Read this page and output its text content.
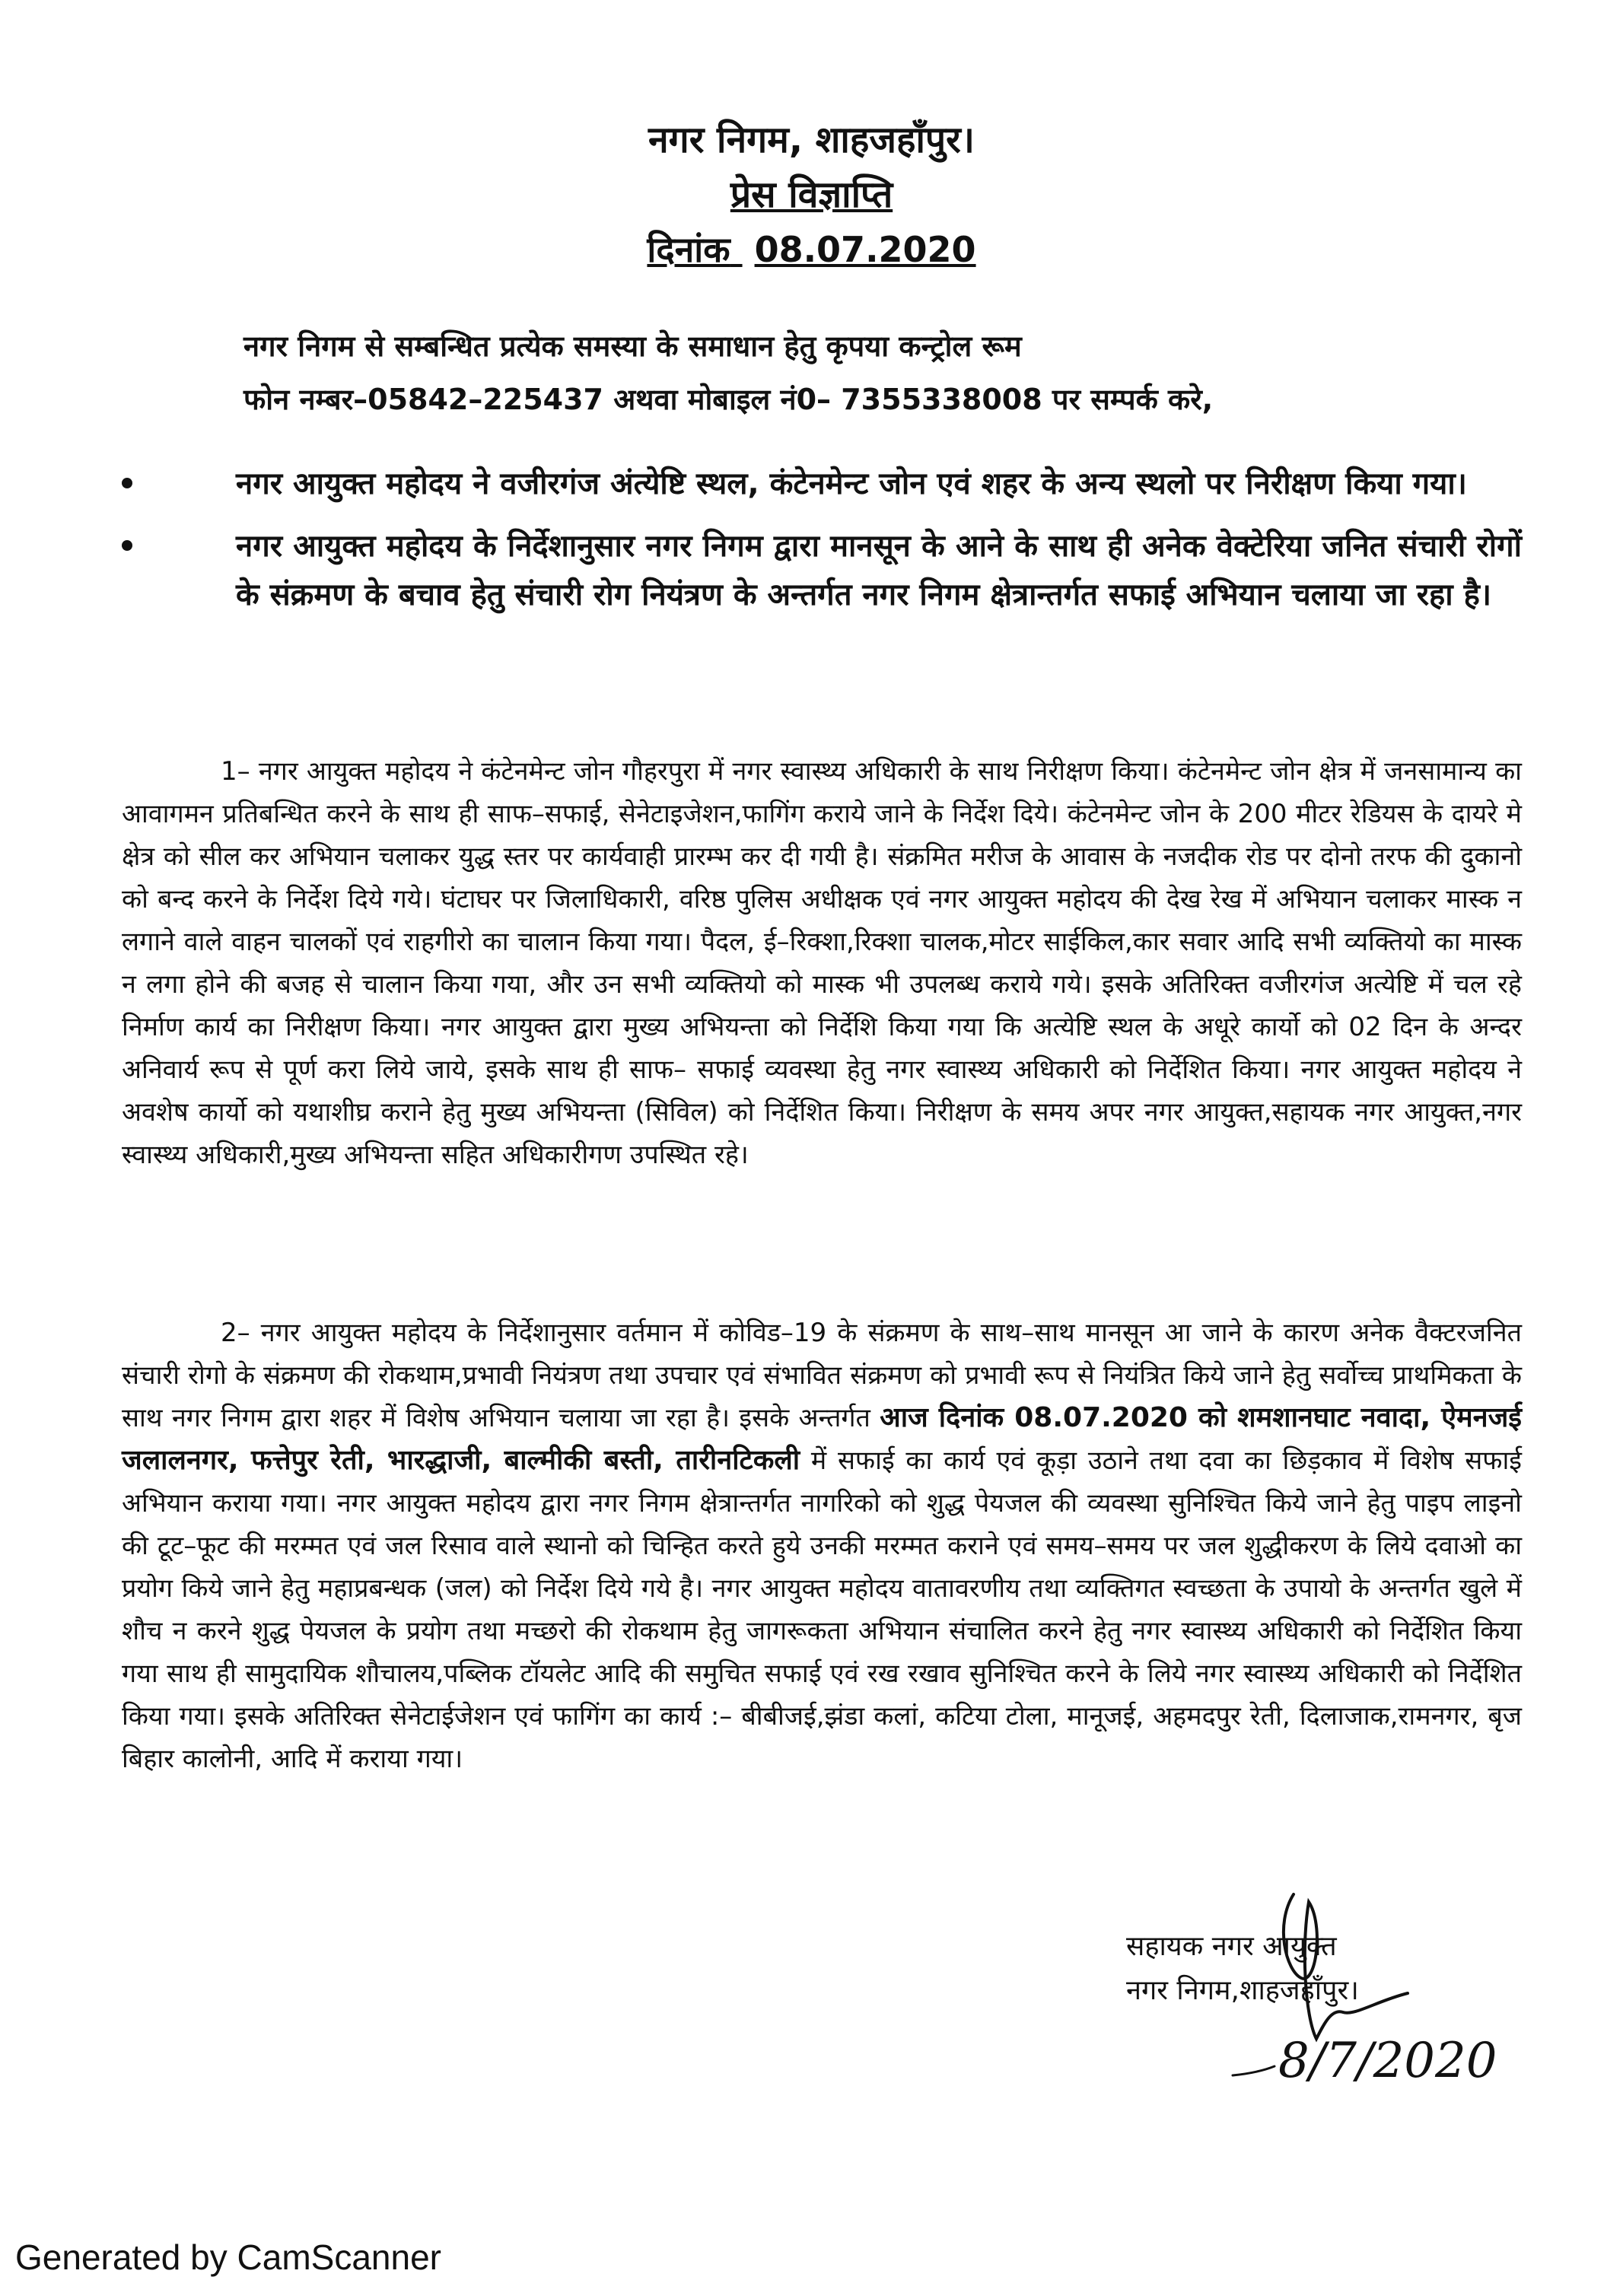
नगर निगम, शाहजहाँपुर।
प्रेस विज्ञाप्ति
दिनांक 08.07.2020

नगर निगम से सम्बन्धित प्रत्येक समस्या के समाधान हेतु कृपया कन्ट्रोल रूम

फोन नम्बर–05842–225437 अथवा मोबाइल नं0– 7355338008 पर सम्पर्क करे,

नगर आयुक्त महोदय ने वजीरगंज अंत्येष्टि स्थल, कंटेनमेन्ट जोन एवं शहर के अन्य स्थलो पर निरीक्षण किया गया।
नगर आयुक्त महोदय के निर्देशानुसार नगर निगम द्वारा मानसून के आने के साथ ही अनेक वेक्टेरिया जनित संचारी रोगों के संक्रमण के बचाव हेतु संचारी रोग नियंत्रण के अन्तर्गत नगर निगम क्षेत्रान्तर्गत सफाई अभियान चलाया जा रहा है।
1– नगर आयुक्त महोदय ने कंटेनमेन्ट जोन गौहरपुरा में नगर स्वास्थ्य अधिकारी के साथ निरीक्षण किया। कंटेनमेन्ट जोन क्षेत्र में जनसामान्य का आवागमन प्रतिबन्धित करने के साथ ही साफ–सफाई, सेनेटाइजेशन,फागिंग कराये जाने के निर्देश दिये। कंटेनमेन्ट जोन के 200 मीटर रेडियस के दायरे मे क्षेत्र को सील कर अभियान चलाकर युद्ध स्तर पर कार्यवाही प्रारम्भ कर दी गयी है। संक्रमित मरीज के आवास के नजदीक रोड पर दोनो तरफ की दुकानो को बन्द करने के निर्देश दिये गये। घंटाघर पर जिलाधिकारी, वरिष्ठ पुलिस अधीक्षक एवं नगर आयुक्त महोदय की देख रेख में अभियान चलाकर मास्क न लगाने वाले वाहन चालकों एवं राहगीरो का चालान किया गया। पैदल, ई–रिक्शा,रिक्शा चालक,मोटर साईकिल,कार सवार आदि सभी व्यक्तियो का मास्क न लगा होने की बजह से चालान किया गया, और उन सभी व्यक्तियो को मास्क भी उपलब्ध कराये गये। इसके अतिरिक्त वजीरगंज अत्येष्टि में चल रहे निर्माण कार्य का निरीक्षण किया। नगर आयुक्त द्वारा मुख्य अभियन्ता को निर्देशि किया गया कि अत्येष्टि स्थल के अधूरे कार्यो को 02 दिन के अन्दर अनिवार्य रूप से पूर्ण करा लिये जाये, इसके साथ ही साफ– सफाई व्यवस्था हेतु नगर स्वास्थ्य अधिकारी को निर्देशित किया। नगर आयुक्त महोदय ने अवशेष कार्यो को यथाशीघ्र कराने हेतु मुख्य अभियन्ता (सिविल) को निर्देशित किया। निरीक्षण के समय अपर नगर आयुक्त,सहायक नगर आयुक्त,नगर स्वास्थ्य अधिकारी,मुख्य अभियन्ता सहित अधिकारीगण उपस्थित रहे।
2– नगर आयुक्त महोदय के निर्देशानुसार वर्तमान में कोविड–19 के संक्रमण के साथ–साथ मानसून आ जाने के कारण अनेक वैक्टरजनित संचारी रोगो के संक्रमण की रोकथाम,प्रभावी नियंत्रण तथा उपचार एवं संभावित संक्रमण को प्रभावी रूप से नियंत्रित किये जाने हेतु सर्वोच्च प्राथमिकता के साथ नगर निगम द्वारा शहर में विशेष अभियान चलाया जा रहा है। इसके अन्तर्गत आज दिनांक 08.07.2020 को शमशानघाट नवादा, ऐमनजई जलालनगर, फत्तेपुर रेती, भारद्धाजी, बाल्मीकी बस्ती, तारीनटिकली में सफाई का कार्य एवं कूड़ा उठाने तथा दवा का छिड़काव में विशेष सफाई अभियान कराया गया। नगर आयुक्त महोदय द्वारा नगर निगम क्षेत्रान्तर्गत नागरिको को शुद्ध पेयजल की व्यवस्था सुनिश्चित किये जाने हेतु पाइप लाइनो की टूट–फूट की मरम्मत एवं जल रिसाव वाले स्थानो को चिन्हित करते हुये उनकी मरम्मत कराने एवं समय–समय पर जल शुद्धीकरण के लिये दवाओ का प्रयोग किये जाने हेतु महाप्रबन्धक (जल) को निर्देश दिये गये है। नगर आयुक्त महोदय वातावरणीय तथा व्यक्तिगत स्वच्छता के उपायो के अन्तर्गत खुले में शौच न करने शुद्ध पेयजल के प्रयोग तथा मच्छरो की रोकथाम हेतु जागरूकता अभियान संचालित करने हेतु नगर स्वास्थ्य अधिकारी को निर्देशित किया गया साथ ही सामुदायिक शौचालय,पब्लिक टॉयलेट आदि की समुचित सफाई एवं रख रखाव सुनिश्चित करने के लिये नगर स्वास्थ्य अधिकारी को निर्देशित किया गया। इसके अतिरिक्त सेनेटाईजेशन एवं फागिंग का कार्य :– बीबीजई,झंडा कलां, कटिया टोला, मानूजई, अहमदपुर रेती, दिलाजाक,रामनगर, बृज बिहार कालोनी, आदि में कराया गया।
8/7/2020

सहायक नगर आयुक्त

नगर निगम,शाहजहाँपुर।

Generated by CamScanner
